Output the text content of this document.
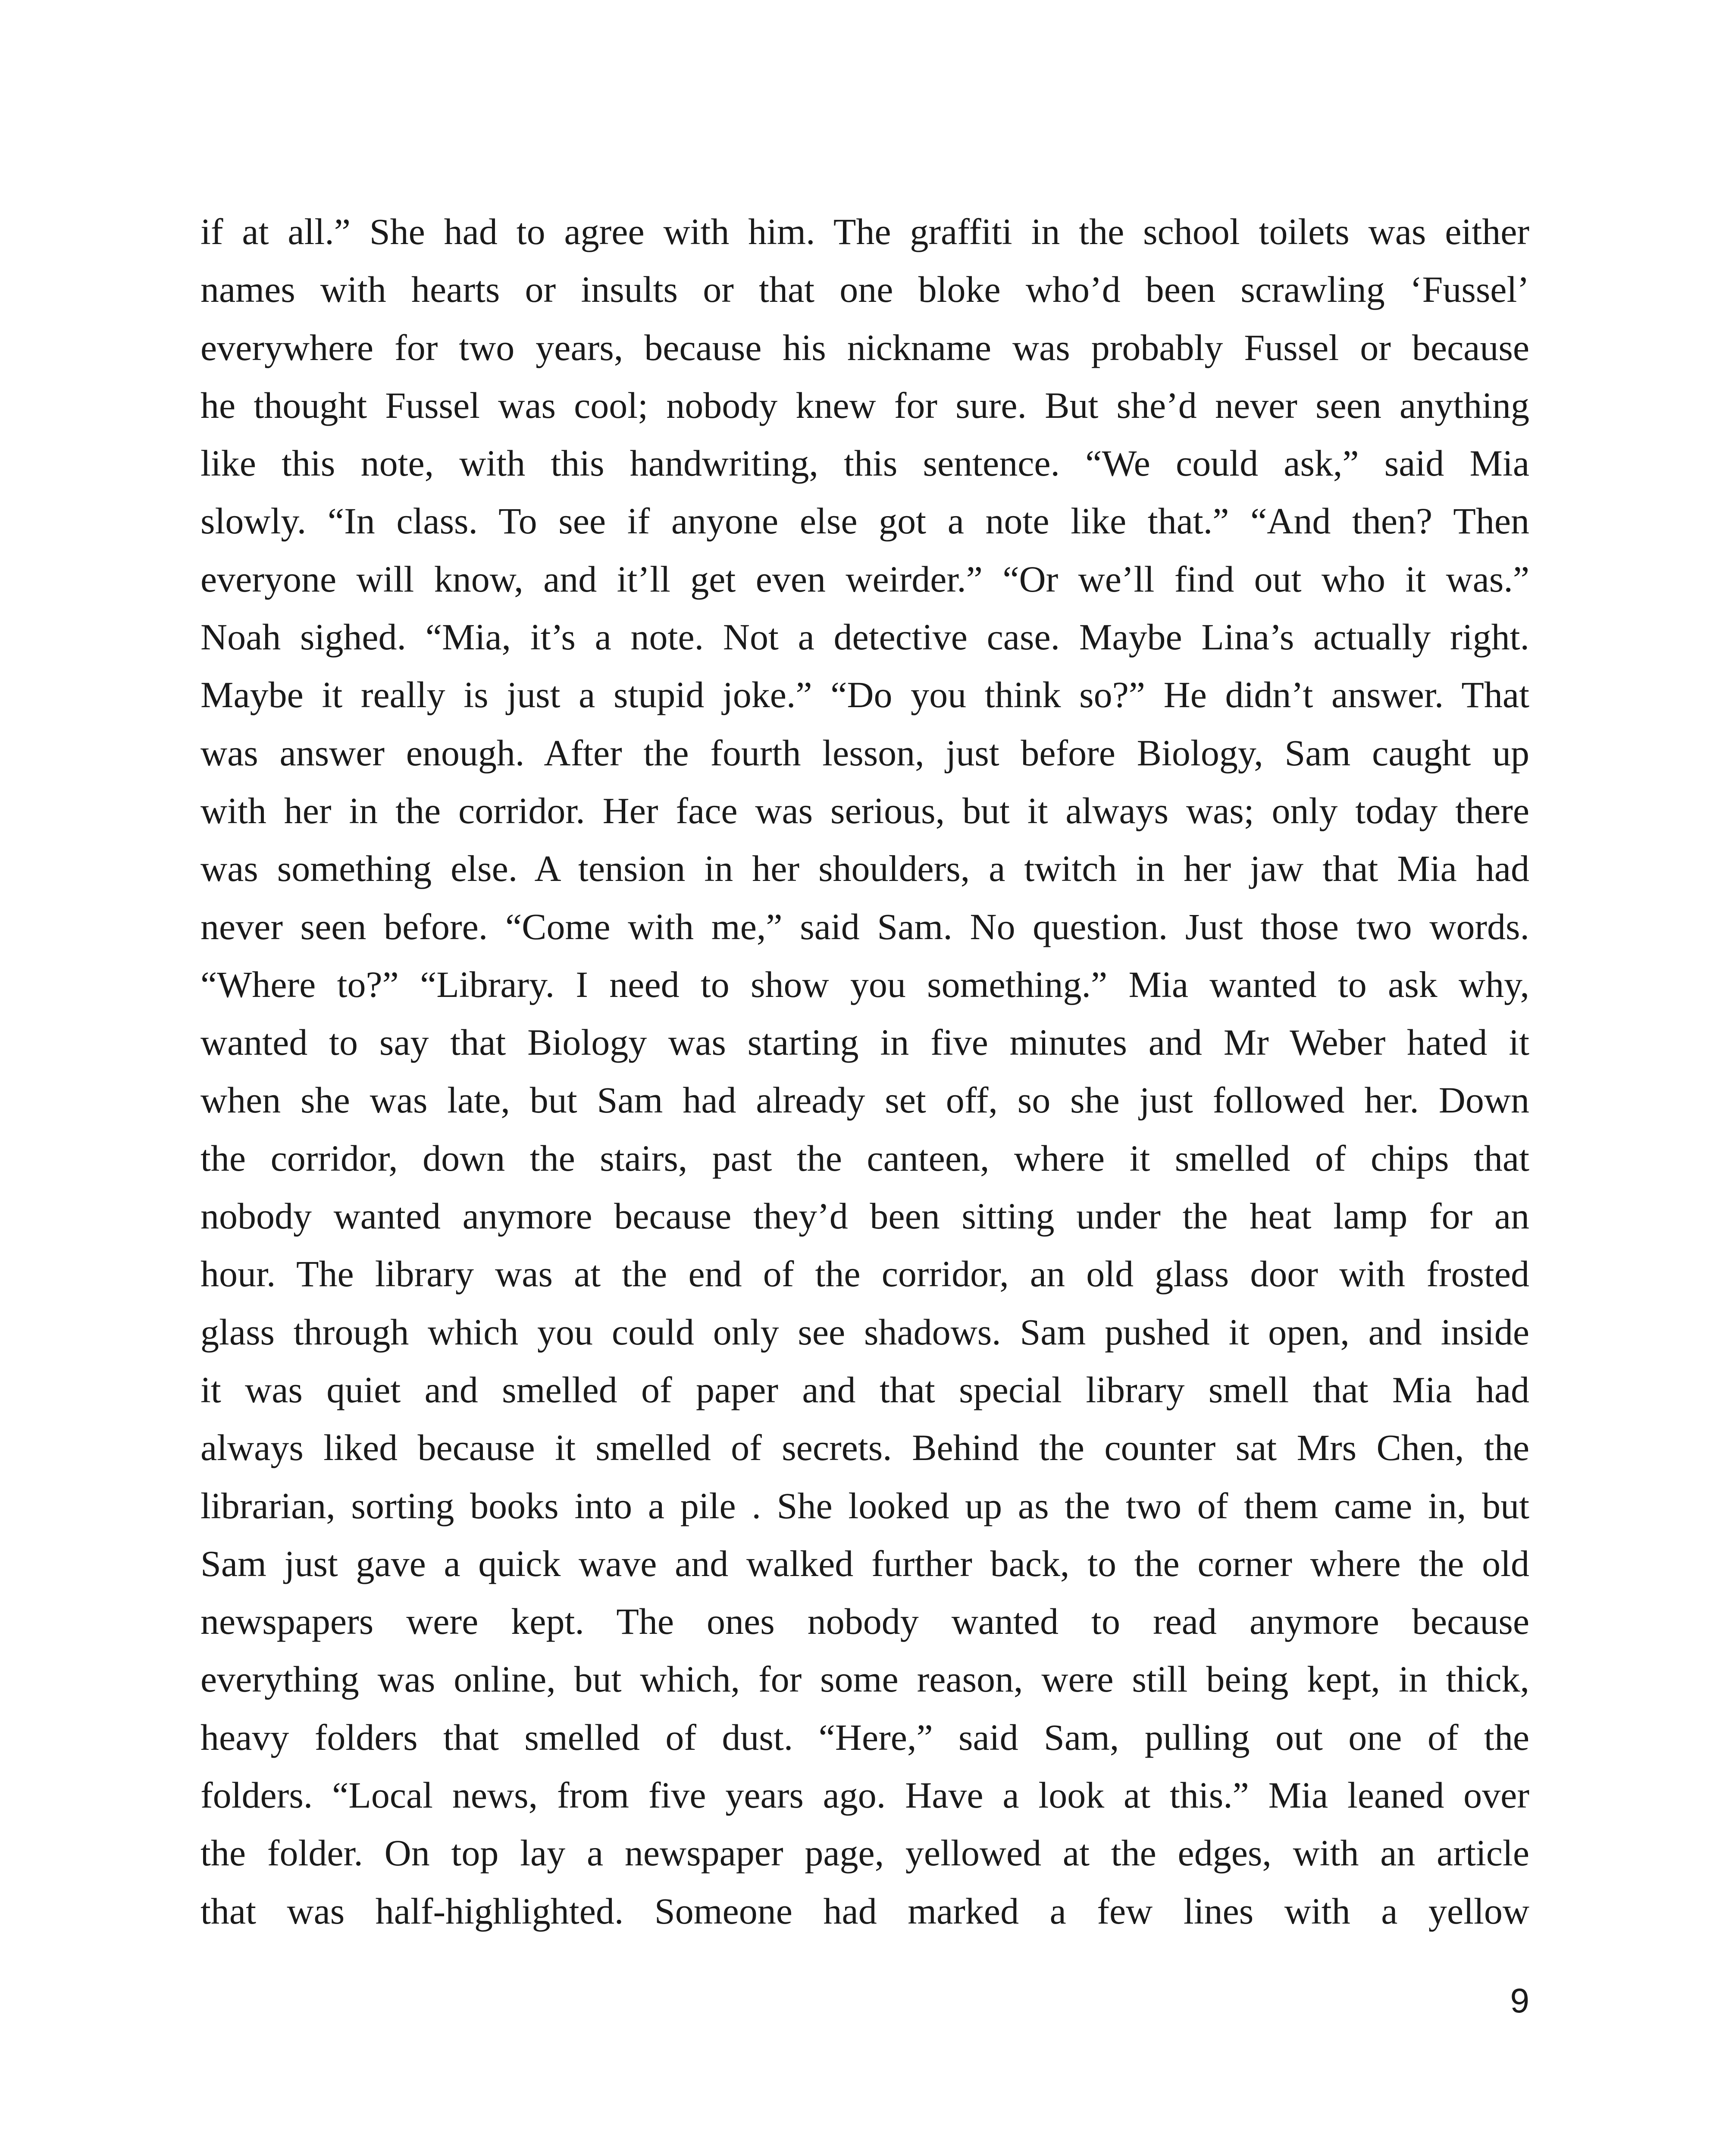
if at all.” She had to agree with him. The graffiti in the school toilets was either
names with hearts or insults or that one bloke who’d been scrawling ‘Fussel’
everywhere for two years, because his nickname was probably Fussel or because
he thought Fussel was cool; nobody knew for sure. But she’d never seen anything
like this note, with this handwriting, this sentence. “We could ask,” said Mia
slowly. “In class. To see if anyone else got a note like that.” “And then? Then
everyone will know, and it’ll get even weirder.” “Or we’ll find out who it was.”
Noah sighed. “Mia, it’s a note. Not a detective case. Maybe Lina’s actually right.
Maybe it really is just a stupid joke.” “Do you think so?” He didn’t answer. That
was answer enough. After the fourth lesson, just before Biology, Sam caught up
with her in the corridor. Her face was serious, but it always was; only today there
was something else. A tension in her shoulders, a twitch in her jaw that Mia had
never seen before. “Come with me,” said Sam. No question. Just those two words.
“Where to?” “Library. I need to show you something.” Mia wanted to ask why,
wanted to say that Biology was starting in five minutes and Mr Weber hated it
when she was late, but Sam had already set off, so she just followed her. Down
the corridor, down the stairs, past the canteen, where it smelled of chips that
nobody wanted anymore because they’d been sitting under the heat lamp for an
hour. The library was at the end of the corridor, an old glass door with frosted
glass through which you could only see shadows. Sam pushed it open, and inside
it was quiet and smelled of paper and that special library smell that Mia had
always liked because it smelled of secrets. Behind the counter sat Mrs Chen, the
librarian, sorting books into a pile . She looked up as the two of them came in, but
Sam just gave a quick wave and walked further back, to the corner where the old
newspapers were kept. The ones nobody wanted to read anymore because
everything was online, but which, for some reason, were still being kept, in thick,
heavy folders that smelled of dust. “Here,” said Sam, pulling out one of the
folders. “Local news, from five years ago. Have a look at this.” Mia leaned over
the folder. On top lay a newspaper page, yellowed at the edges, with an article
that was half-highlighted. Someone had marked a few lines with a yellow
9
